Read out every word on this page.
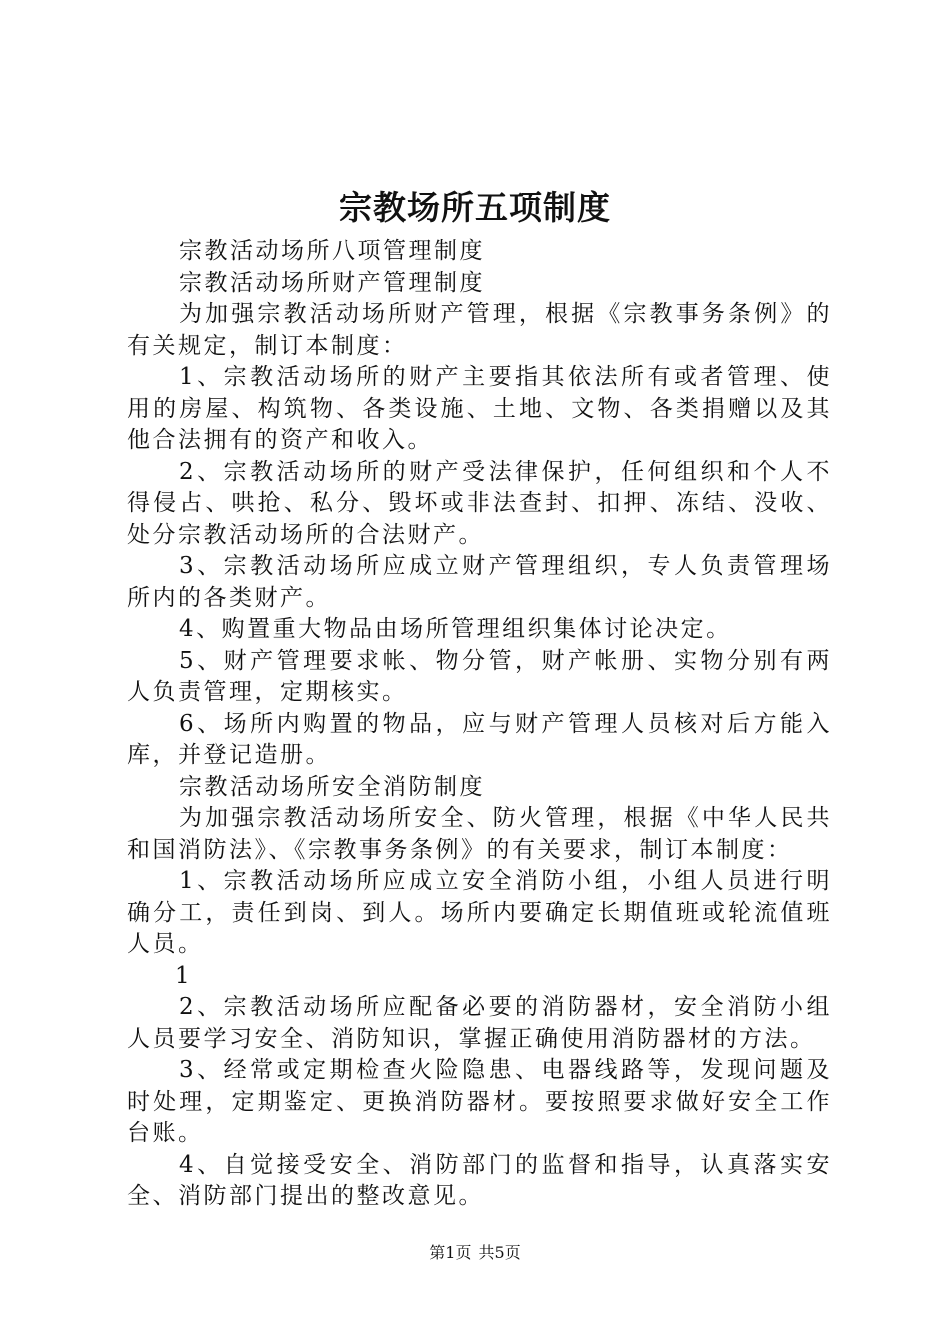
宗教场所五项制度

宗教活动场所八项管理制度

宗教活动场所财产管理制度

为加强宗教活动场所财产管理，根据《宗教事务条例》的有关规定，制订本制度：

1、宗教活动场所的财产主要指其依法所有或者管理、使用的房屋、构筑物、各类设施、土地、文物、各类捐赠以及其他合法拥有的资产和收入。

2、宗教活动场所的财产受法律保护，任何组织和个人不得侵占、哄抢、私分、毁坏或非法查封、扣押、冻结、没收、处分宗教活动场所的合法财产。

3、宗教活动场所应成立财产管理组织，专人负责管理场所内的各类财产。

4、购置重大物品由场所管理组织集体讨论决定。

5、财产管理要求帐、物分管，财产帐册、实物分别有两人负责管理，定期核实。

6、场所内购置的物品，应与财产管理人员核对后方能入库，并登记造册。

宗教活动场所安全消防制度

为加强宗教活动场所安全、防火管理，根据《中华人民共和国消防法》、《宗教事务条例》的有关要求，制订本制度：

1、宗教活动场所应成立安全消防小组，小组人员进行明确分工，责任到岗、到人。场所内要确定长期值班或轮流值班人员。

1

2、宗教活动场所应配备必要的消防器材，安全消防小组人员要学习安全、消防知识，掌握正确使用消防器材的方法。

3、经常或定期检查火险隐患、电器线路等，发现问题及时处理，定期鉴定、更换消防器材。要按照要求做好安全工作台账。

4、自觉接受安全、消防部门的监督和指导，认真落实安全、消防部门提出的整改意见。

第1页 共5页
